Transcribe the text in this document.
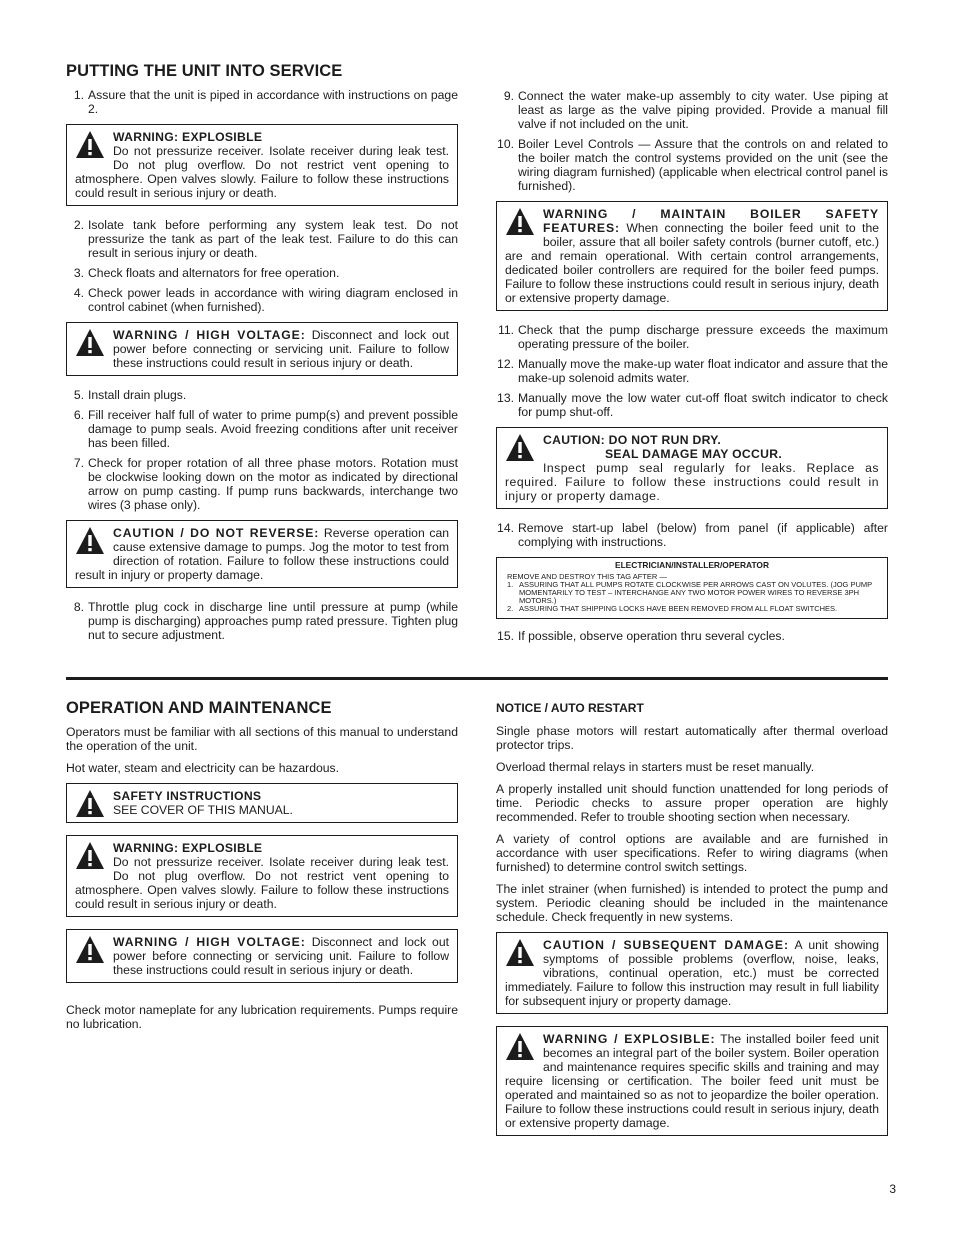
PUTTING THE UNIT INTO SERVICE
1. Assure that the unit is piped in accordance with instructions on page 2.
WARNING: EXPLOSIBLE
Do not pressurize receiver. Isolate receiver during leak test. Do not plug overflow. Do not restrict vent opening to atmosphere. Open valves slowly. Failure to follow these instructions could result in serious injury or death.
2. Isolate tank before performing any system leak test. Do not pressurize the tank as part of the leak test. Failure to do this can result in serious injury or death.
3. Check floats and alternators for free operation.
4. Check power leads in accordance with wiring diagram enclosed in control cabinet (when furnished).
WARNING / HIGH VOLTAGE: Disconnect and lock out power before connecting or servicing unit. Failure to follow these instructions could result in serious injury or death.
5. Install drain plugs.
6. Fill receiver half full of water to prime pump(s) and prevent possible damage to pump seals. Avoid freezing conditions after unit receiver has been filled.
7. Check for proper rotation of all three phase motors. Rotation must be clockwise looking down on the motor as indicated by directional arrow on pump casting. If pump runs backwards, interchange two wires (3 phase only).
CAUTION / DO NOT REVERSE: Reverse operation can cause extensive damage to pumps. Jog the motor to test from direction of rotation. Failure to follow these instructions could result in injury or property damage.
8. Throttle plug cock in discharge line until pressure at pump (while pump is discharging) approaches pump rated pressure. Tighten plug nut to secure adjustment.
9. Connect the water make-up assembly to city water. Use piping at least as large as the valve piping provided. Provide a manual fill valve if not included on the unit.
10. Boiler Level Controls — Assure that the controls on and related to the boiler match the control systems provided on the unit (see the wiring diagram furnished) (applicable when electrical control panel is furnished).
WARNING / MAINTAIN BOILER SAFETY FEATURES: When connecting the boiler feed unit to the boiler, assure that all boiler safety controls (burner cutoff, etc.) are and remain operational. With certain control arrangements, dedicated boiler controllers are required for the boiler feed pumps. Failure to follow these instructions could result in serious injury, death or extensive property damage.
11. Check that the pump discharge pressure exceeds the maximum operating pressure of the boiler.
12. Manually move the make-up water float indicator and assure that the make-up solenoid admits water.
13. Manually move the low water cut-off float switch indicator to check for pump shut-off.
CAUTION: DO NOT RUN DRY.
SEAL DAMAGE MAY OCCUR.
Inspect pump seal regularly for leaks. Replace as required. Failure to follow these instructions could result in injury or property damage.
14. Remove start-up label (below) from panel (if applicable) after complying with instructions.
ELECTRICIAN/INSTALLER/OPERATOR
REMOVE AND DESTROY THIS TAG AFTER —
1. ASSURING THAT ALL PUMPS ROTATE CLOCKWISE PER ARROWS CAST ON VOLUTES. (JOG PUMP MOMENTARILY TO TEST – INTERCHANGE ANY TWO MOTOR POWER WIRES TO REVERSE 3PH MOTORS.)
2. ASSURING THAT SHIPPING LOCKS HAVE BEEN REMOVED FROM ALL FLOAT SWITCHES.
15. If possible, observe operation thru several cycles.
OPERATION AND MAINTENANCE
Operators must be familiar with all sections of this manual to understand the operation of the unit.
Hot water, steam and electricity can be hazardous.
SAFETY INSTRUCTIONS
SEE COVER OF THIS MANUAL.
WARNING: EXPLOSIBLE
Do not pressurize receiver. Isolate receiver during leak test. Do not plug overflow. Do not restrict vent opening to atmosphere. Open valves slowly. Failure to follow these instructions could result in serious injury or death.
WARNING / HIGH VOLTAGE: Disconnect and lock out power before connecting or servicing unit. Failure to follow these instructions could result in serious injury or death.
Check motor nameplate for any lubrication requirements. Pumps require no lubrication.
NOTICE / AUTO RESTART
Single phase motors will restart automatically after thermal overload protector trips.
Overload thermal relays in starters must be reset manually.
A properly installed unit should function unattended for long periods of time. Periodic checks to assure proper operation are highly recommended. Refer to trouble shooting section when necessary.
A variety of control options are available and are furnished in accordance with user specifications. Refer to wiring diagrams (when furnished) to determine control switch settings.
The inlet strainer (when furnished) is intended to protect the pump and system. Periodic cleaning should be included in the maintenance schedule. Check frequently in new systems.
CAUTION / SUBSEQUENT DAMAGE: A unit showing symptoms of possible problems (overflow, noise, leaks, vibrations, continual operation, etc.) must be corrected immediately. Failure to follow this instruction may result in full liability for subsequent injury or property damage.
WARNING / EXPLOSIBLE: The installed boiler feed unit becomes an integral part of the boiler system. Boiler operation and maintenance requires specific skills and training and may require licensing or certification. The boiler feed unit must be operated and maintained so as not to jeopardize the boiler operation. Failure to follow these instructions could result in serious injury, death or extensive property damage.
3
